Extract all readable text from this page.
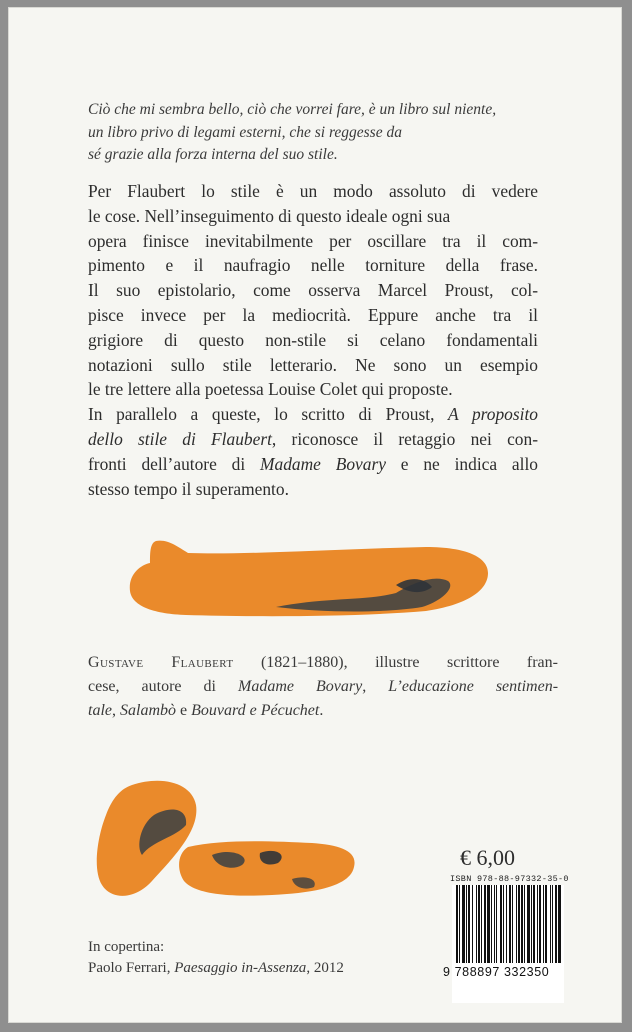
Ciò che mi sembra bello, ciò che vorrei fare, è un libro sul niente,
un libro privo di legami esterni, che si reggesse da
sé grazie alla forza interna del suo stile.
Per Flaubert lo stile è un modo assoluto di vedere
le cose. Nell’inseguimento di questo ideale ogni sua
opera finisce inevitabilmente per oscillare tra il com-
pimento e il naufragio nelle torniture della frase.
Il suo epistolario, come osserva Marcel Proust, col-
pisce invece per la mediocrità. Eppure anche tra il
grigiore di questo non-stile si celano fondamentali
notazioni sullo stile letterario. Ne sono un esempio
le tre lettere alla poetessa Louise Colet qui proposte.
In parallelo a queste, lo scritto di Proust, A proposito
dello stile di Flaubert, riconosce il retaggio nei con-
fronti dell’autore di Madame Bovary e ne indica allo
stesso tempo il superamento.
Gustave Flaubert (1821–1880), illustre scrittore fran-
cese, autore di Madame Bovary, L’educazione sentimen-
tale, Salambò e Bouvard e Pécuchet.
In copertina:
Paolo Ferrari, Paesaggio in-Assenza, 2012
€ 6,00
ISBN 978-88-97332-35-0
9 788897 332350
